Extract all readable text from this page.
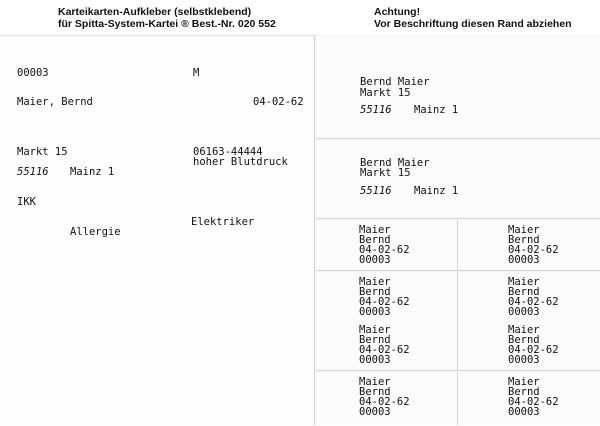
Karteikarten-Aufkleber (selbstklebend)
für Spitta-System-Kartei ® Best.-Nr. 020 552
Achtung!
Vor Beschriftung diesen Rand abziehen
00003	M
Maier, Bernd	04-02-62
Markt 15	06163-44444
hoher Blutdruck
55116 Mainz 1
IKK
Elektriker
Allergie
Bernd Maier
Markt 15
55116 Mainz 1
Bernd Maier
Markt 15
55116 Mainz 1
Maier
Bernd
04-02-62
00003
Maier
Bernd
04-02-62
00003
Maier
Bernd
04-02-62
00003
Maier
Bernd
04-02-62
00003
Maier
Bernd
04-02-62
00003
Maier
Bernd
04-02-62
00003
Maier
Bernd
04-02-62
00003
Maier
Bernd
04-02-62
00003
